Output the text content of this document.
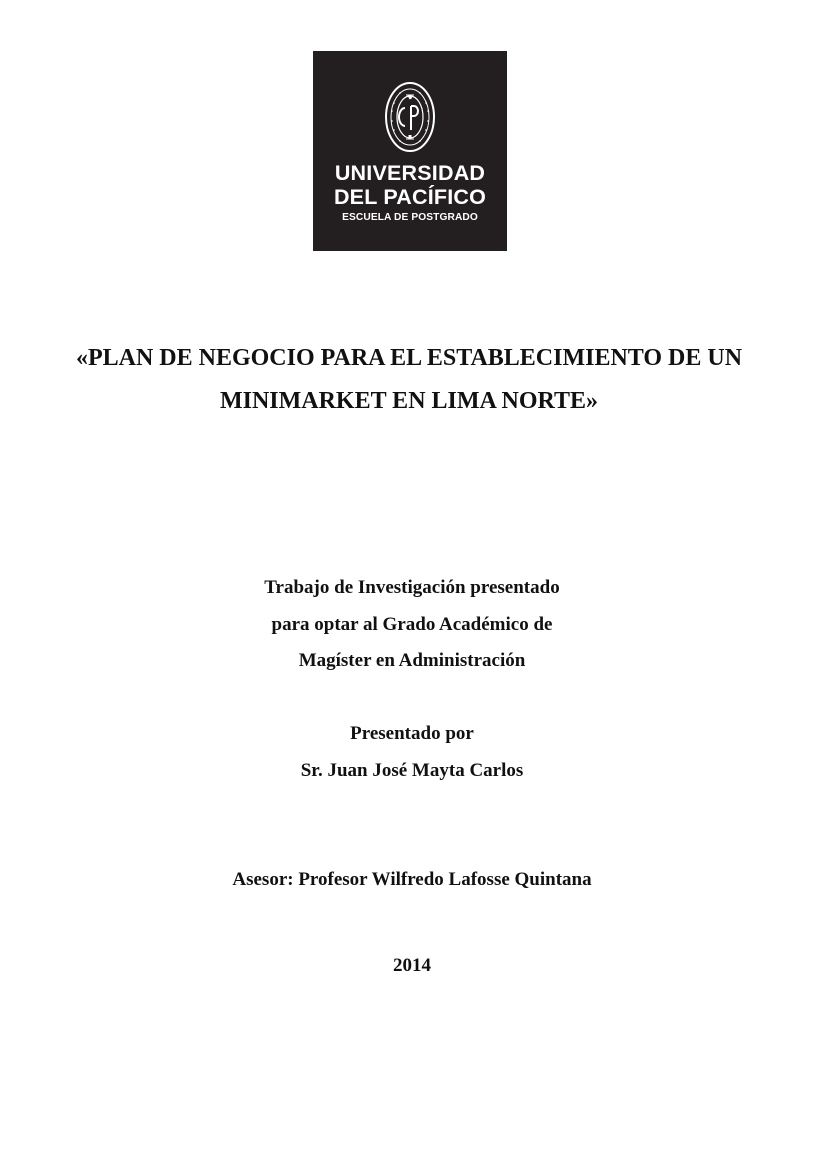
UNIVERSIDAD
DEL PACÍFICO
ESCUELA DE POSTGRADO
«PLAN DE NEGOCIO PARA EL ESTABLECIMIENTO DE UN
MINIMARKET EN LIMA NORTE»
Trabajo de Investigación presentado
para optar al Grado Académico de
Magíster en Administración
Presentado por
Sr. Juan José Mayta Carlos
Asesor: Profesor Wilfredo Lafosse Quintana
2014
